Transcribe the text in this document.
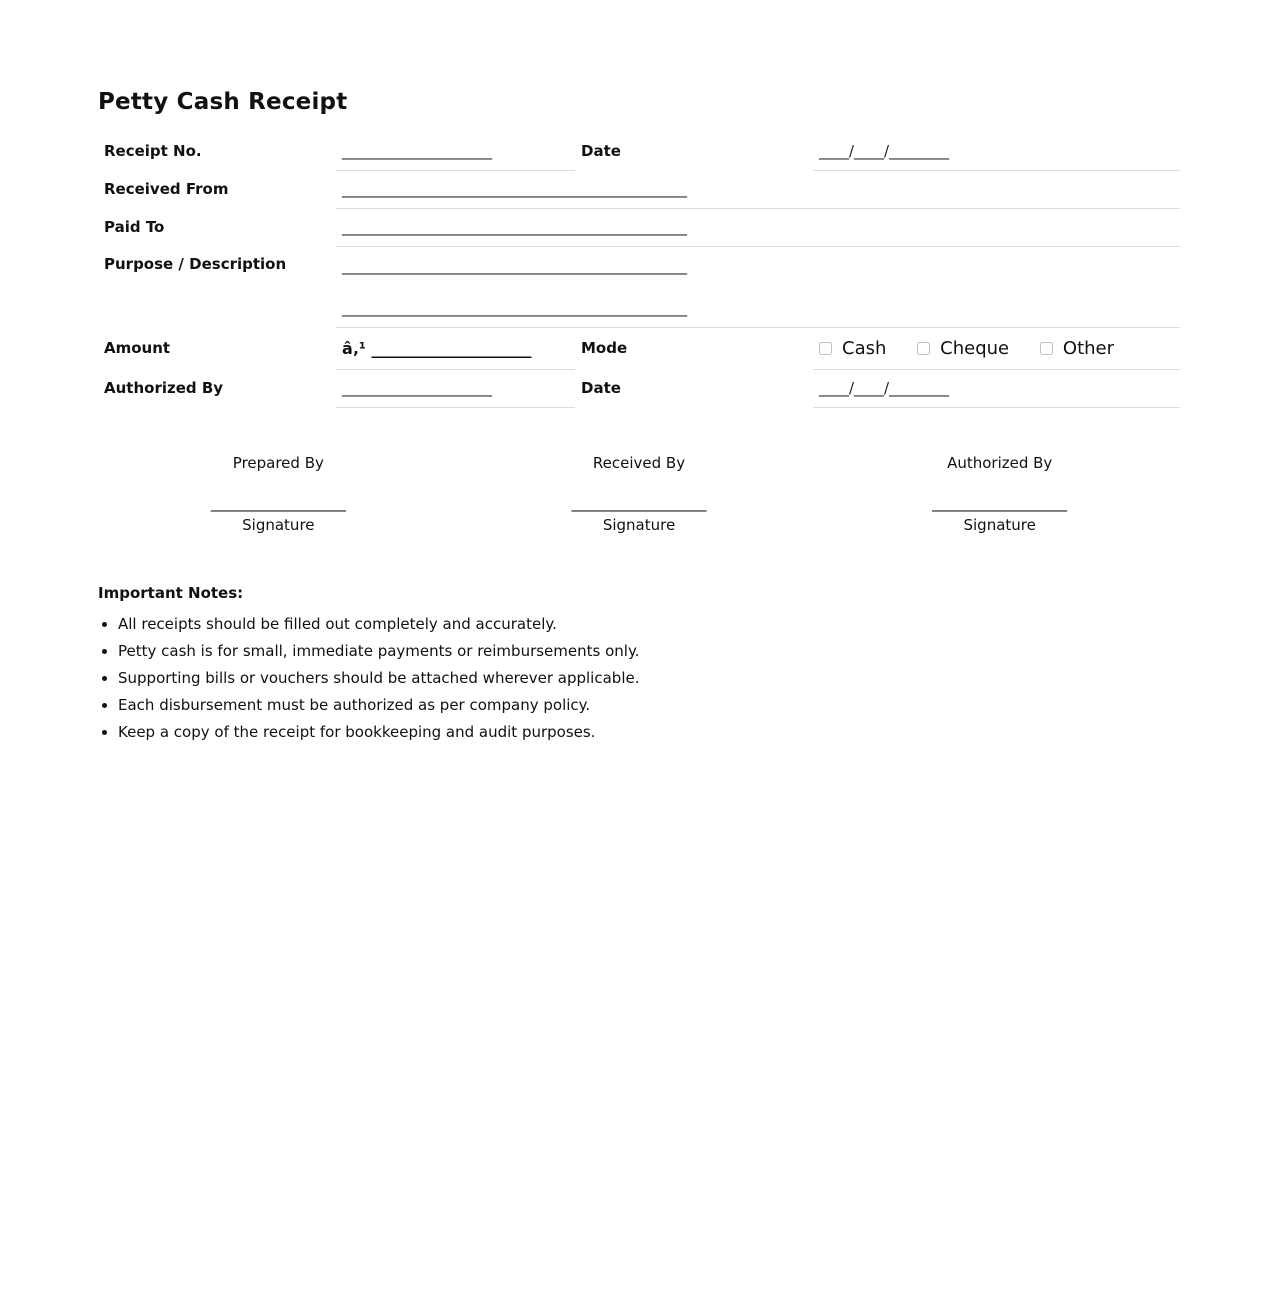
Petty Cash Receipt
Receipt No.	____________________	Date	____/____/________
Received From	______________________________________________		
Paid To	______________________________________________		
Purpose / Description	______________________________________________
______________________________________________		

Amount	â‚¹ ____________________	Mode	Cash
Cheque
Other

Authorized By	____________________	Date	____/____/________
Prepared By
__________________
Signature
Received By
__________________
Signature
Authorized By
__________________
Signature
Important Notes:
• All receipts should be filled out completely and accurately.
• Petty cash is for small, immediate payments or reimbursements only.
• Supporting bills or vouchers should be attached wherever applicable.
• Each disbursement must be authorized as per company policy.
• Keep a copy of the receipt for bookkeeping and audit purposes.
